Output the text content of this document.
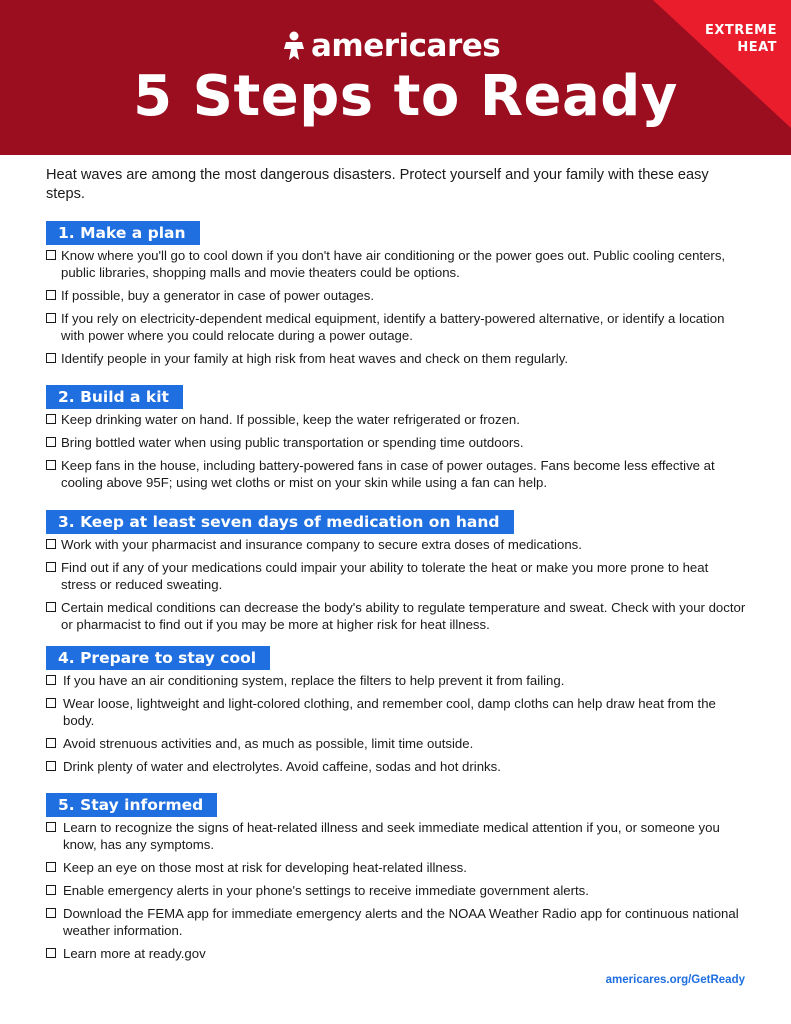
EXTREME
HEAT
americares
5 Steps to Ready

Heat waves are among the most dangerous disasters. Protect yourself and your family with these easy steps.

1. Make a plan
Know where you'll go to cool down if you don't have air conditioning or the power goes out. Public cooling centers, public libraries, shopping malls and movie theaters could be options.
If possible, buy a generator in case of power outages.
If you rely on electricity-dependent medical equipment, identify a battery-powered alternative, or identify a location with power where you could relocate during a power outage.
Identify people in your family at high risk from heat waves and check on them regularly.
2. Build a kit
Keep drinking water on hand. If possible, keep the water refrigerated or frozen.
Bring bottled water when using public transportation or spending time outdoors.
Keep fans in the house, including battery-powered fans in case of power outages. Fans become less effective at cooling above 95F; using wet cloths or mist on your skin while using a fan can help.
3. Keep at least seven days of medication on hand
Work with your pharmacist and insurance company to secure extra doses of medications.
Find out if any of your medications could impair your ability to tolerate the heat or make you more prone to heat stress or reduced sweating.
Certain medical conditions can decrease the body's ability to regulate temperature and sweat. Check with your doctor or pharmacist to find out if you may be more at higher risk for heat illness.
4. Prepare to stay cool
If you have an air conditioning system, replace the filters to help prevent it from failing.
Wear loose, lightweight and light-colored clothing, and remember cool, damp cloths can help draw heat from the body.
Avoid strenuous activities and, as much as possible, limit time outside.
Drink plenty of water and electrolytes. Avoid caffeine, sodas and hot drinks.
5. Stay informed
Learn to recognize the signs of heat-related illness and seek immediate medical attention if you, or someone you know, has any symptoms.
Keep an eye on those most at risk for developing heat-related illness.
Enable emergency alerts in your phone's settings to receive immediate government alerts.
Download the FEMA app for immediate emergency alerts and the NOAA Weather Radio app for continuous national weather information.
Learn more at ready.gov
americares.org/GetReady
